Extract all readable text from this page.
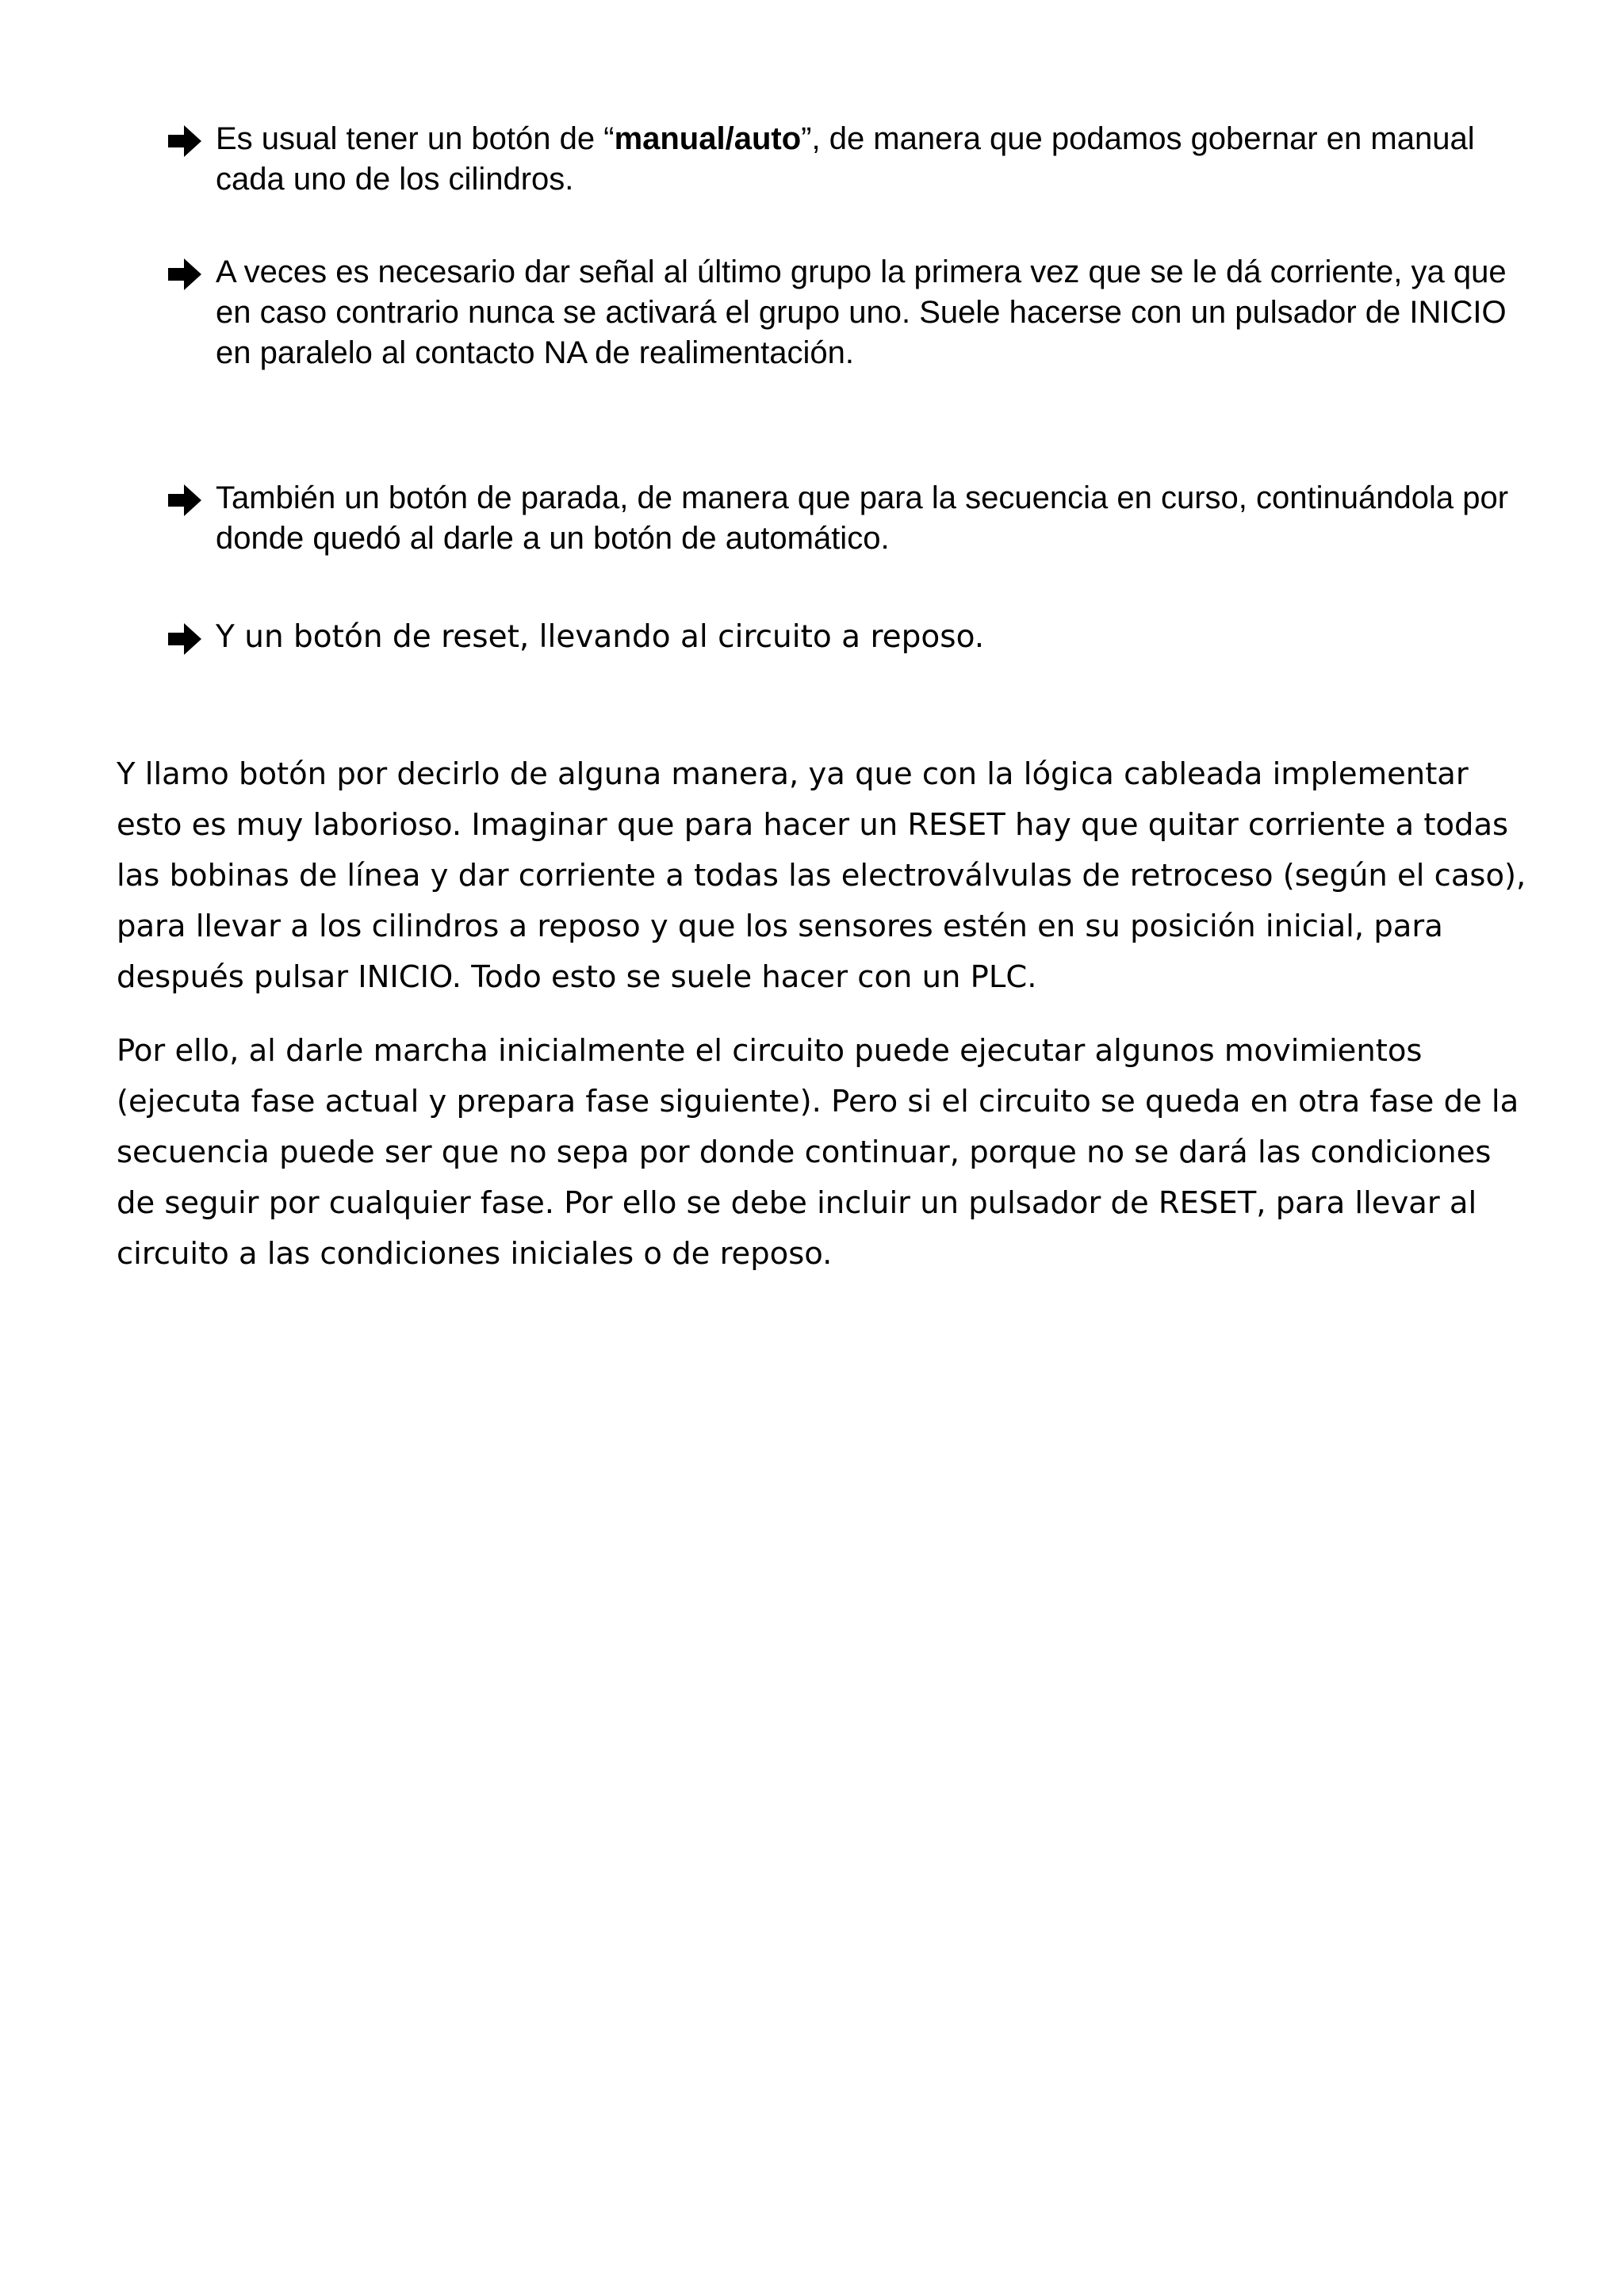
Es usual tener un botón de “manual/auto”, de manera que podamos gobernar en manual cada uno de los cilindros.
A veces es necesario dar señal al último grupo la primera vez que se le dá corriente, ya que en caso contrario nunca se activará el grupo uno. Suele hacerse con un pulsador de INICIO en paralelo al contacto NA de realimentación.
También un botón de parada, de manera que para la secuencia en curso, continuándola por donde quedó al darle a un botón de automático.
Y un botón de reset, llevando al circuito a reposo.

Y llamo botón por decirlo de alguna manera, ya que con la lógica cableada implementar esto es muy laborioso. Imaginar que para hacer un RESET hay que quitar corriente a todas las bobinas de línea y dar corriente a todas las electroválvulas de retroceso (según el caso), para llevar a los cilindros a reposo y que los sensores estén en su posición inicial, para después pulsar INICIO. Todo esto se suele hacer con un PLC.

Por ello, al darle marcha inicialmente el circuito puede ejecutar algunos movimientos (ejecuta fase actual y prepara fase siguiente). Pero si el circuito se queda en otra fase de la secuencia puede ser que no sepa por donde continuar, porque no se dará las condiciones de seguir por cualquier fase. Por ello se debe incluir un pulsador de RESET, para llevar al circuito a las condiciones iniciales o de reposo.
